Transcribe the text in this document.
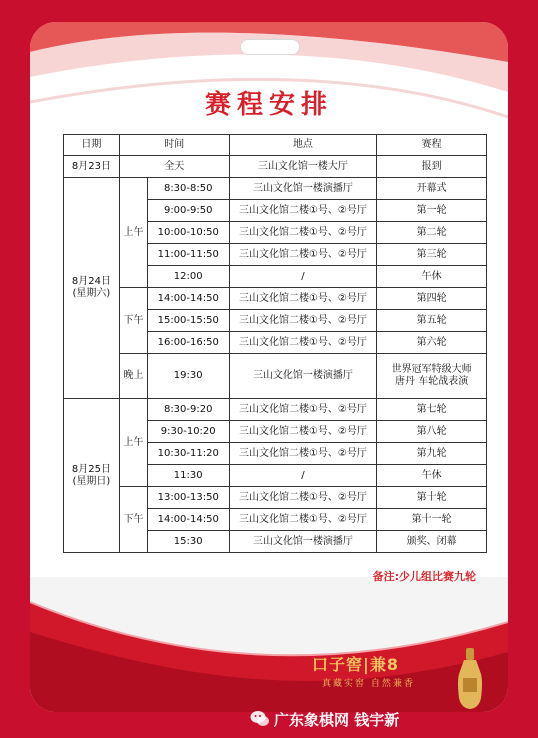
赛程安排
日期	时间		地点	赛程
8月23日	全天		三山文化馆一楼大厅	报到
8月24日
(星期六)	上午	8:30-8:50	三山文化馆一楼演播厅	开幕式
		9:00-9:50	三山文化馆二楼①号、②号厅	第一轮
		10:00-10:50	三山文化馆二楼①号、②号厅	第二轮
		11:00-11:50	三山文化馆二楼①号、②号厅	第三轮
		12:00	/	午休
	下午	14:00-14:50	三山文化馆二楼①号、②号厅	第四轮
		15:00-15:50	三山文化馆二楼①号、②号厅	第五轮
		16:00-16:50	三山文化馆二楼①号、②号厅	第六轮
	晚上	19:30	三山文化馆一楼演播厅	世界冠军特级大师
唐丹 车轮战表演
8月25日
(星期日)	上午	8:30-9:20	三山文化馆二楼①号、②号厅	第七轮
		9:30-10:20	三山文化馆二楼①号、②号厅	第八轮
		10:30-11:20	三山文化馆二楼①号、②号厅	第九轮
		11:30	/	午休
	下午	13:00-13:50	三山文化馆二楼①号、②号厅	第十轮
		14:00-14:50	三山文化馆二楼①号、②号厅	第十一轮
		15:30	三山文化馆一楼演播厅	颁奖、闭幕
备注:少儿组比赛九轮
口子窖|兼8
真藏实窖 自然兼香
广东象棋网 钱宇新
